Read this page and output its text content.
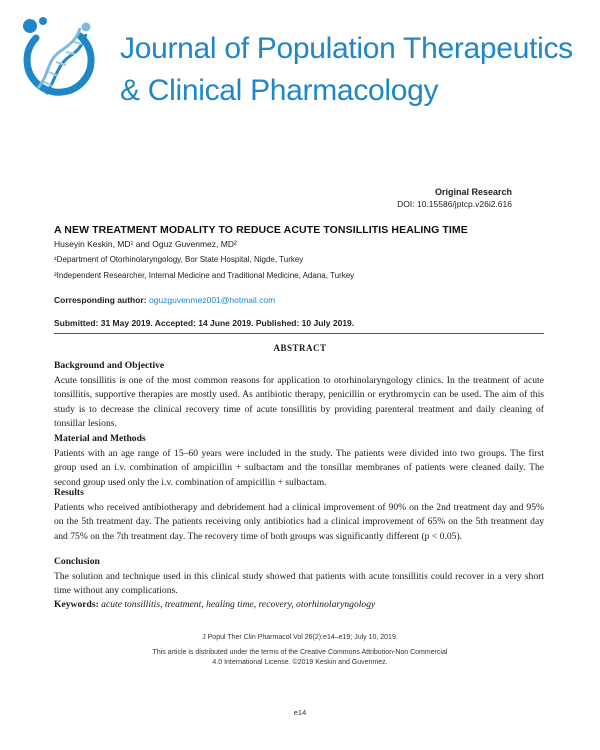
Journal of Population Therapeutics
& Clinical Pharmacology
Original Research
DOI: 10.15586/jptcp.v26i2.616
A NEW TREATMENT MODALITY TO REDUCE ACUTE TONSILLITIS HEALING TIME
Huseyin Keskin, MD¹ and Oguz Guvenmez, MD²
¹Department of Otorhinolaryngology, Bor State Hospital, Nigde, Turkey
²Independent Researcher, Internal Medicine and Traditional Medicine, Adana, Turkey
Corresponding author: oguzguvenmez001@hotmail.com
Submitted: 31 May 2019. Accepted: 14 June 2019. Published: 10 July 2019.
ABSTRACT
Background and Objective

Acute tonsillitis is one of the most common reasons for application to otorhinolaryngology clinics. In the treatment of acute tonsillitis, supportive therapies are mostly used. As antibiotic therapy, penicillin or erythromycin can be used. The aim of this study is to decrease the clinical recovery time of acute tonsillitis by providing parenteral treatment and daily cleaning of tonsillar lesions.

Material and Methods

Patients with an age range of 15–60 years were included in the study. The patients were divided into two groups. The first group used an i.v. combination of ampicillin + sulbactam and the tonsillar membranes of patients were cleaned daily. The second group used only the i.v. combination of ampicillin + sulbactam.

Results

Patients who received antibiotherapy and debridement had a clinical improvement of 90% on the 2nd treatment day and 95% on the 5th treatment day. The patients receiving only antibiotics had a clinical improvement of 65% on the 5th treatment day and 75% on the 7th treatment day. The recovery time of both groups was significantly different (p < 0.05).

Conclusion

The solution and technique used in this clinical study showed that patients with acute tonsillitis could recover in a very short time without any complications.

Keywords: acute tonsillitis, treatment, healing time, recovery, otorhinolaryngology
J Popul Ther Clin Pharmacol Vol 26(2):e14–e19; July 10, 2019.
This article is distributed under the terms of the Creative Commons Attribution-Non Commercial 4.0 International License. ©2019 Keskin and Guvenmez.
e14
